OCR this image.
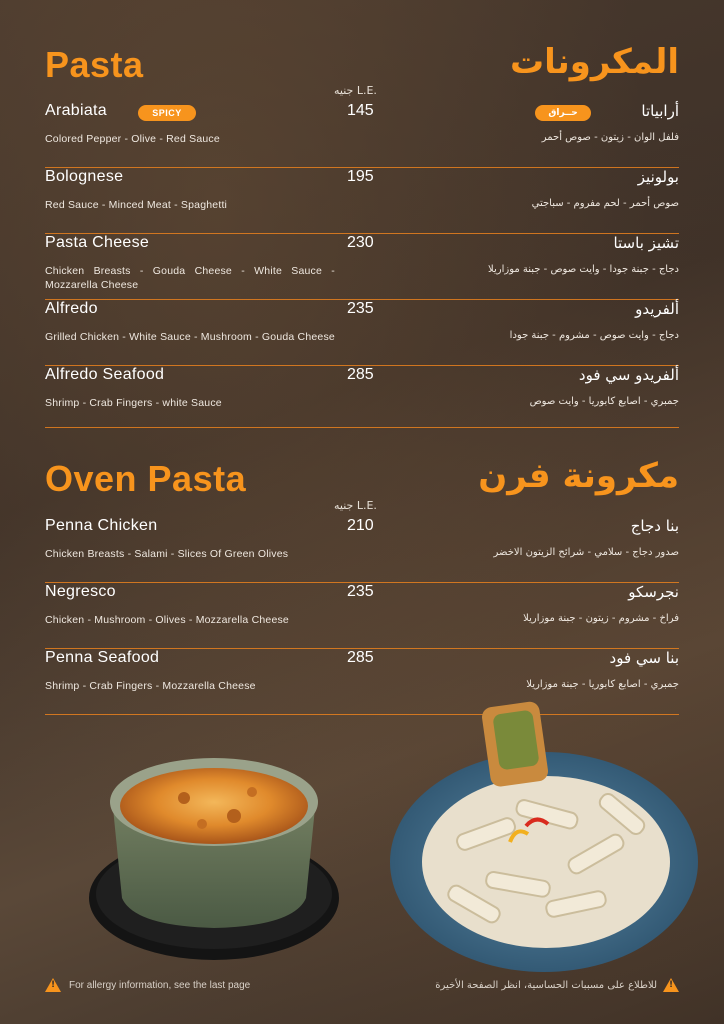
Pasta	المكرونات
جنيه L.E.
Arabiata	SPICY	145
Colored Pepper - Olive - Red Sauce
حــراق	أرابياتا
فلفل الوان - زيتون - صوص أحمر
Bolognese	195
Red Sauce - Minced Meat - Spaghetti
بولونيز
صوص أحمر - لحم مفروم - سباجتي
Pasta Cheese	230
Chicken Breasts - Gouda Cheese - White Sauce - Mozzarella Cheese
تشيز باستا
دجاج - جبنة جودا - وايت صوص - جبنة موزاريلا
Alfredo	235
Grilled Chicken - White Sauce - Mushroom - Gouda Cheese
ألفريدو
دجاج - وايت صوص - مشروم - جبنة جودا
Alfredo Seafood	285
Shrimp - Crab Fingers - white Sauce
ألفريدو سي فود
جمبري - اصابع كابوريا - وايت صوص
Oven Pasta	مكرونة فرن
جنيه L.E.
Penna Chicken	210
Chicken Breasts - Salami - Slices Of Green Olives
بنا دجاج
صدور دجاج - سلامي - شرائح الزيتون الاخضر
Negresco	235
Chicken - Mushroom - Olives - Mozzarella Cheese
نجرسكو
فراخ - مشروم - زيتون - جبنة موزاريلا
Penna Seafood	285
Shrimp - Crab Fingers - Mozzarella Cheese
بنا سي فود
جمبري - اصابع كابوريا - جبنة موزاريلا
!
For allergy information, see the last page !	للاطلاع على مسببات الحساسية، انظر الصفحة الأخيرة
